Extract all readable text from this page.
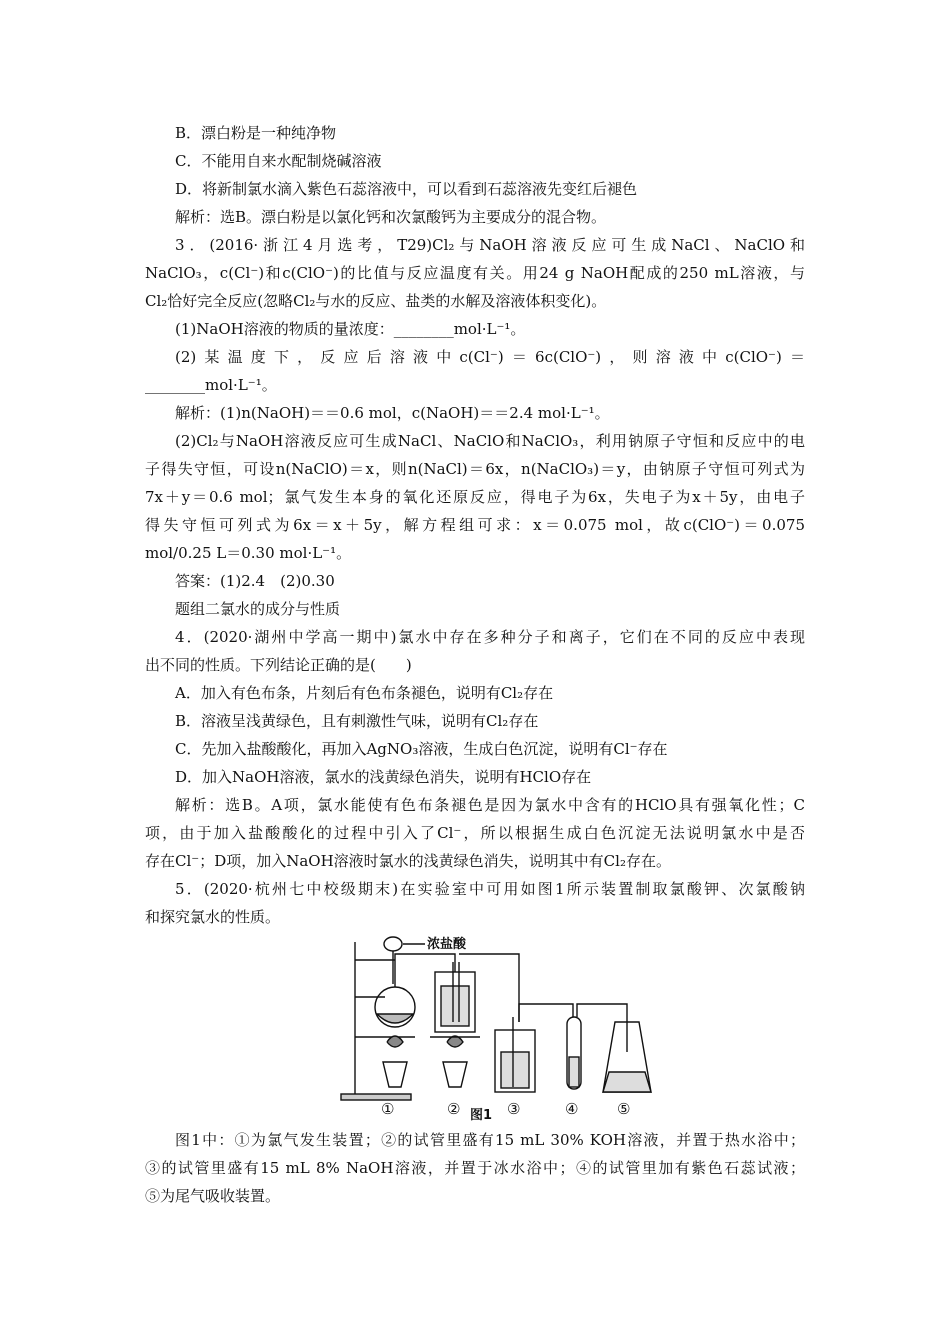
B．漂白粉是一种纯净物
C．不能用自来水配制烧碱溶液
D．将新制氯水滴入紫色石蕊溶液中，可以看到石蕊溶液先变红后褪色
解析：选B。漂白粉是以氯化钙和次氯酸钙为主要成分的混合物。
3．(2016·浙江4月选考，T29)Cl₂与NaOH溶液反应可生成NaCl、NaClO和
NaClO₃，c(Cl⁻)和c(ClO⁻)的比值与反应温度有关。用24 g NaOH配成的250 mL溶液，与
Cl₂恰好完全反应(忽略Cl₂与水的反应、盐类的水解及溶液体积变化)。
(1)NaOH溶液的物质的量浓度：________mol·L⁻¹。
(2)某温度下，反应后溶液中c(Cl⁻)＝6c(ClO⁻)，则溶液中c(ClO⁻)＝
________mol·L⁻¹。
解析：(1)n(NaOH)＝＝0.6 mol，c(NaOH)＝＝2.4 mol·L⁻¹。
(2)Cl₂与NaOH溶液反应可生成NaCl、NaClO和NaClO₃，利用钠原子守恒和反应中的电
子得失守恒，可设n(NaClO)＝x，则n(NaCl)＝6x，n(NaClO₃)＝y，由钠原子守恒可列式为
7x＋y＝0.6 mol；氯气发生本身的氧化还原反应，得电子为6x，失电子为x＋5y，由电子
得失守恒可列式为6x＝x＋5y，解方程组可求：x＝0.075 mol，故c(ClO⁻)＝0.075
mol/0.25 L＝0.30 mol·L⁻¹。
答案：(1)2.4　(2)0.30
题组二氯水的成分与性质
4．(2020·湖州中学高一期中)氯水中存在多种分子和离子，它们在不同的反应中表现
出不同的性质。下列结论正确的是(　　)
A．加入有色布条，片刻后有色布条褪色，说明有Cl₂存在
B．溶液呈浅黄绿色，且有刺激性气味，说明有Cl₂存在
C．先加入盐酸酸化，再加入AgNO₃溶液，生成白色沉淀，说明有Cl⁻存在
D．加入NaOH溶液，氯水的浅黄绿色消失，说明有HClO存在
解析：选B。A项，氯水能使有色布条褪色是因为氯水中含有的HClO具有强氧化性；C
项，由于加入盐酸酸化的过程中引入了Cl⁻，所以根据生成白色沉淀无法说明氯水中是否
存在Cl⁻；D项，加入NaOH溶液时氯水的浅黄绿色消失，说明其中有Cl₂存在。
5．(2020·杭州七中校级期末)在实验室中可用如图1所示装置制取氯酸钾、次氯酸钠
和探究氯水的性质。
浓盐酸
①	②	③	④	⑤
图1
图1中：①为氯气发生装置；②的试管里盛有15 mL 30% KOH溶液，并置于热水浴中；
③的试管里盛有15 mL 8% NaOH溶液，并置于冰水浴中；④的试管里加有紫色石蕊试液；
⑤为尾气吸收装置。
